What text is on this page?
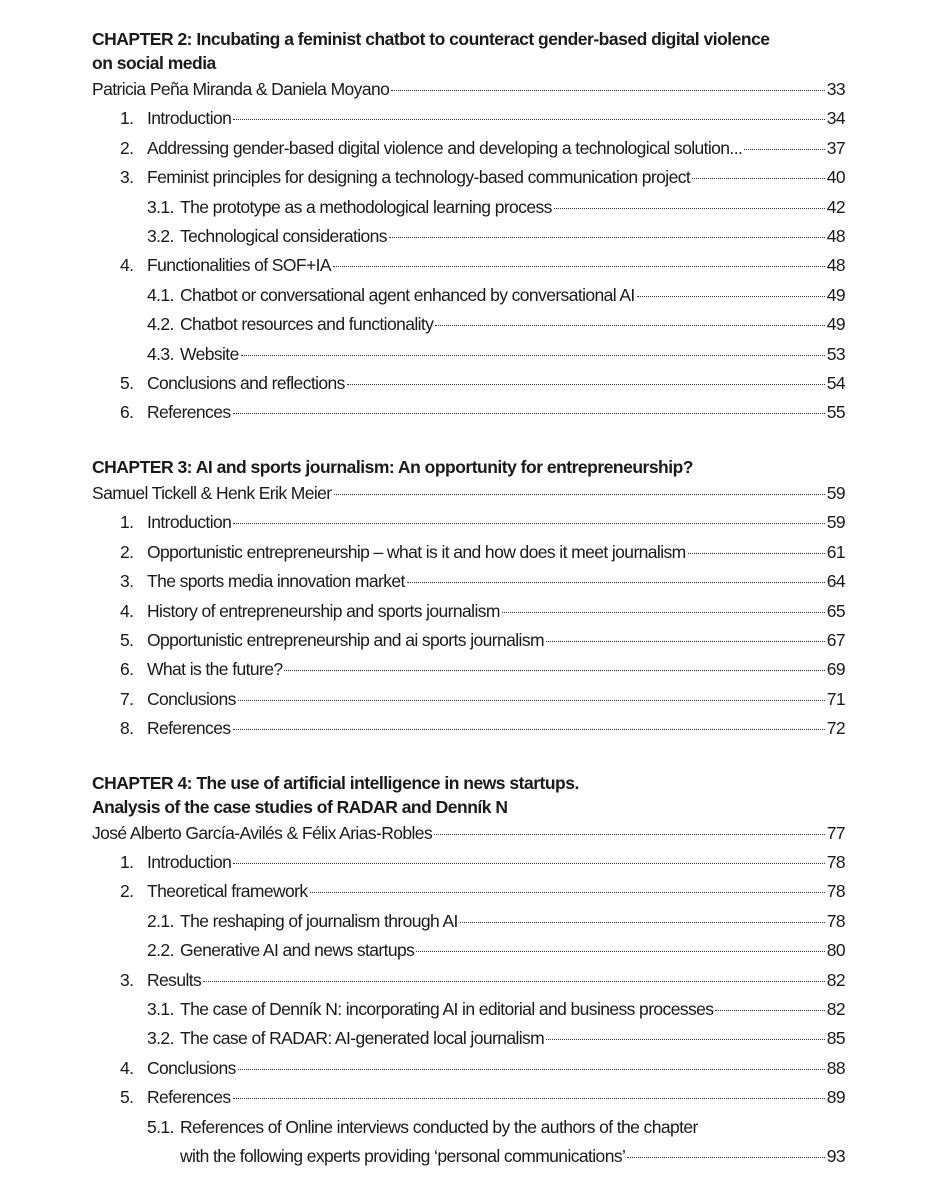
CHAPTER 2: Incubating a feminist chatbot to counteract gender-based digital violence on social media
Patricia Peña Miranda & Daniela Moyano	33
1. Introduction	34
2. Addressing gender-based digital violence and developing a technological solution...	37
3. Feminist principles for designing a technology-based communication project	40
3.1. The prototype as a methodological learning process	42
3.2. Technological considerations	48
4. Functionalities of SOF+IA	48
4.1. Chatbot or conversational agent enhanced by conversational AI	49
4.2. Chatbot resources and functionality	49
4.3. Website	53
5. Conclusions and reflections	54
6. References	55
CHAPTER 3: AI and sports journalism: An opportunity for entrepreneurship?
Samuel Tickell & Henk Erik Meier	59
1. Introduction	59
2. Opportunistic entrepreneurship – what is it and how does it meet journalism	61
3. The sports media innovation market	64
4. History of entrepreneurship and sports journalism	65
5. Opportunistic entrepreneurship and ai sports journalism	67
6. What is the future?	69
7. Conclusions	71
8. References	72
CHAPTER 4: The use of artificial intelligence in news startups.
Analysis of the case studies of RADAR and Denník N
José Alberto García-Avilés & Félix Arias-Robles	77
1. Introduction	78
2. Theoretical framework	78
2.1. The reshaping of journalism through AI	78
2.2. Generative AI and news startups	80
3. Results	82
3.1. The case of Denník N: incorporating AI in editorial and business processes	82
3.2. The case of RADAR: AI-generated local journalism	85
4. Conclusions	88
5. References	89
5.1. References of Online interviews conducted by the authors of the chapter
with the following experts providing ‘personal communications’	93
